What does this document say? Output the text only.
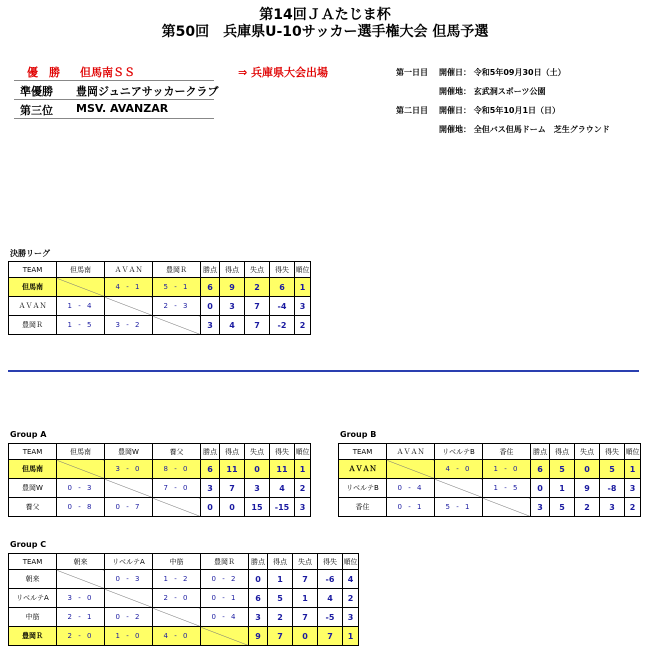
第14回ＪＡたじま杯
第50回　兵庫県U-10サッカー選手権大会 但馬予選
優　勝 但馬南ＳＳ	⇒ 兵庫県大会出場
準優勝 豊岡ジュニアサッカークラブ
第三位 MSV. AVANZAR
第一日目 開催日： 令和5年09月30日（土）
開催地： 玄武洞スポーツ公園
第二日目 開催日： 令和5年10月1日（日）
開催地： 全但バス但馬ドーム　芝生グラウンド
決勝リーグ
TEAM	但馬南	ＡＶＡＮ	豊岡Ｒ	勝点	得点	失点	得失	順位
但馬南		4 - 1	5 - 1	6	9	2	6	1
ＡＶＡＮ	1 - 4		2 - 3	0	3	7	-4	3
豊岡Ｒ	1 - 5	3 - 2		3	4	7	-2	2
Group A
TEAM	但馬南	豊岡W	養父	勝点	得点	失点	得失	順位
但馬南		3 - 0	8 - 0	6	11	0	11	1
豊岡W	0 - 3		7 - 0	3	7	3	4	2
養父	0 - 8	0 - 7		0	0	15	-15	3
Group B
TEAM	ＡＶＡＮ	リベルテB	香住	勝点	得点	失点	得失	順位
ＡＶＡＮ		4 - 0	1 - 0	6	5	0	5	1
リベルテB	0 - 4		1 - 5	0	1	9	-8	3
香住	0 - 1	5 - 1		3	5	2	3	2
Group C
TEAM	朝来	リベルテA	中筋	豊岡Ｒ	勝点	得点	失点	得失	順位
朝来		0 - 3	1 - 2	0 - 2	0	1	7	-6	4
リベルテA	3 - 0		2 - 0	0 - 1	6	5	1	4	2
中筋	2 - 1	0 - 2		0 - 4	3	2	7	-5	3
豊岡Ｒ	2 - 0	1 - 0	4 - 0		9	7	0	7	1
